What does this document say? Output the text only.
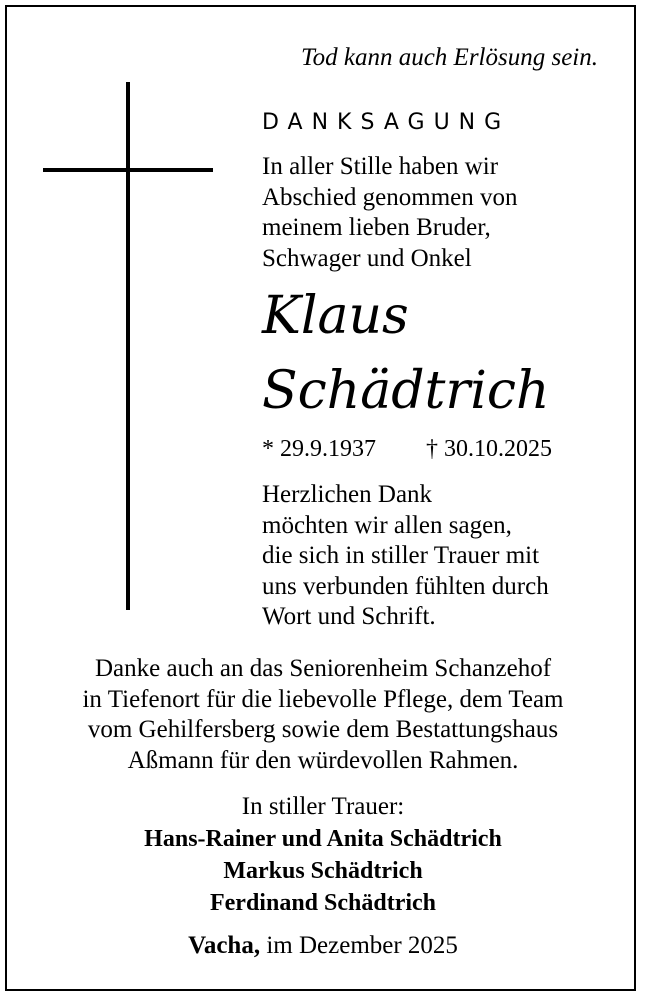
Tod kann auch Erlösung sein.
DANKSAGUNG
In aller Stille haben wir
Abschied genommen von
meinem lieben Bruder,
Schwager und Onkel
Klaus
Schädtrich
* 29.9.1937 † 30.10.2025
Herzlichen Dank
möchten wir allen sagen,
die sich in stiller Trauer mit
uns verbunden fühlten durch
Wort und Schrift.
Danke auch an das Seniorenheim Schanzehof
in Tiefenort für die liebevolle Pflege, dem Team
vom Gehilfersberg sowie dem Bestattungshaus
Aßmann für den würdevollen Rahmen.
In stiller Trauer:
Hans-Rainer und Anita Schädtrich
Markus Schädtrich
Ferdinand Schädtrich
Vacha, im Dezember 2025
